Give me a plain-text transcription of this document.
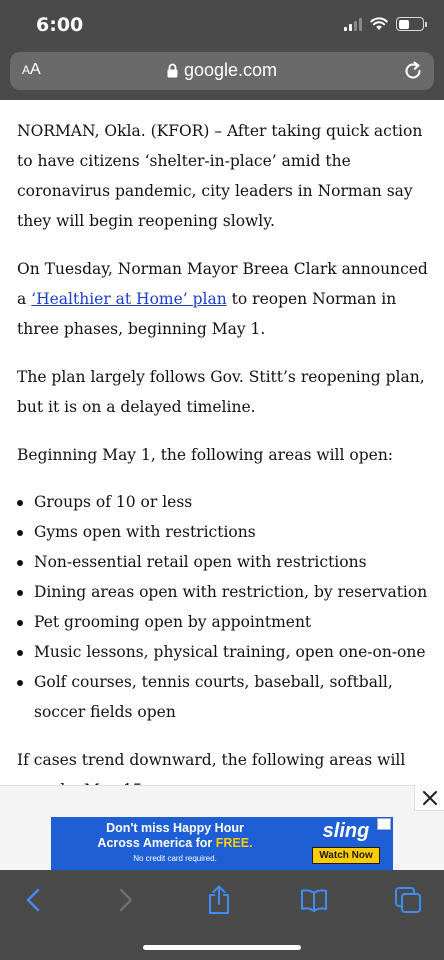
6:00
AA	google.com

NORMAN, Okla. (KFOR) – After taking quick action to have citizens ‘shelter-in-place’ amid the coronavirus pandemic, city leaders in Norman say they will begin reopening slowly.

On Tuesday, Norman Mayor Breea Clark announced a ‘Healthier at Home’ plan to reopen Norman in three phases, beginning May 1.

The plan largely follows Gov. Stitt’s reopening plan, but it is on a delayed timeline.

Beginning May 1, the following areas will open:

Groups of 10 or less
Gyms open with restrictions
Non-essential retail open with restrictions
Dining areas open with restriction, by reservation
Pet grooming open by appointment
Music lessons, physical training, open one-on-one
Golf courses, tennis courts, baseball, softball, soccer fields open

If cases trend downward, the following areas will

Don't miss Happy Hour
Across America for FREE.
No credit card required.
sling
Watch Now
